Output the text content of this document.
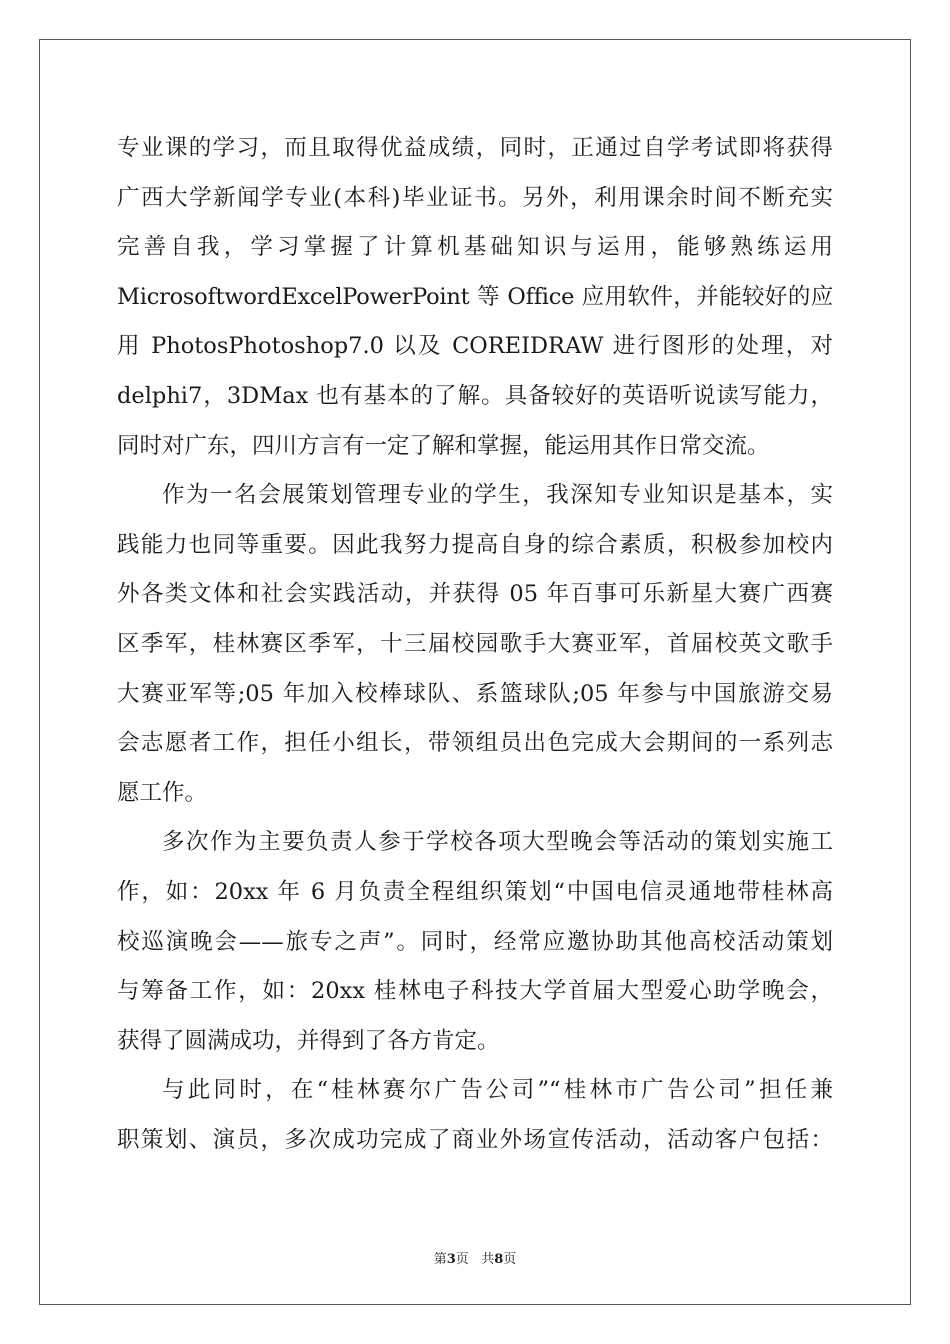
专业课的学习，而且取得优益成绩，同时，正通过自学考试即将获得
广西大学新闻学专业(本科)毕业证书。另外，利用课余时间不断充实
完善自我，学习掌握了计算机基础知识与运用，能够熟练运用
MicrosoftwordExcelPowerPoint 等 Office 应用软件，并能较好的应
用 PhotosPhotoshop7.0 以及 COREIDRAW 进行图形的处理，对
delphi7，3DMax 也有基本的了解。具备较好的英语听说读写能力，
同时对广东，四川方言有一定了解和掌握，能运用其作日常交流。
作为一名会展策划管理专业的学生，我深知专业知识是基本，实
践能力也同等重要。因此我努力提高自身的综合素质，积极参加校内
外各类文体和社会实践活动，并获得 05 年百事可乐新星大赛广西赛
区季军，桂林赛区季军，十三届校园歌手大赛亚军，首届校英文歌手
大赛亚军等;05 年加入校棒球队、系篮球队;05 年参与中国旅游交易
会志愿者工作，担任小组长，带领组员出色完成大会期间的一系列志
愿工作。
多次作为主要负责人参于学校各项大型晚会等活动的策划实施工
作，如：20xx 年 6 月负责全程组织策划“中国电信灵通地带桂林高
校巡演晚会——旅专之声”。同时，经常应邀协助其他高校活动策划
与筹备工作，如：20xx 桂林电子科技大学首届大型爱心助学晚会，
获得了圆满成功，并得到了各方肯定。
与此同时，在“桂林赛尔广告公司”“桂林市广告公司”担任兼
职策划、演员，多次成功完成了商业外场宣传活动，活动客户包括：
第3页 共8页
